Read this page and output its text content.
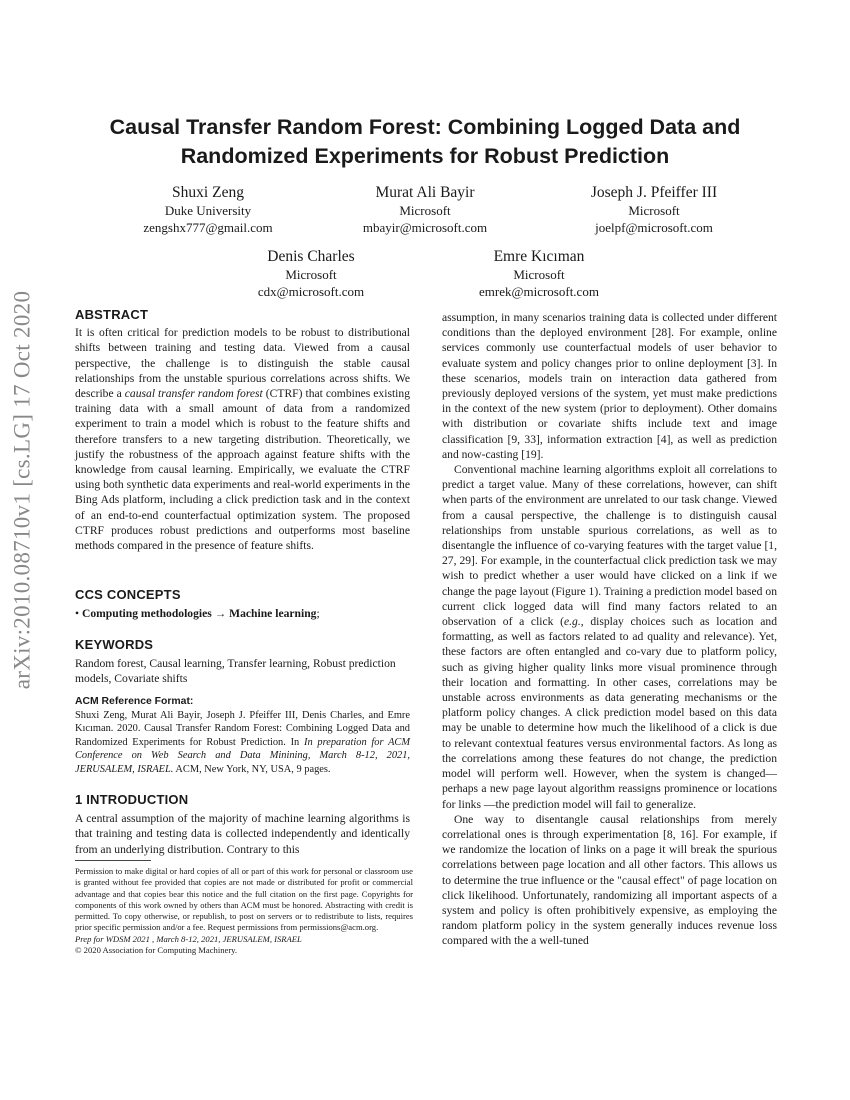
arXiv:2010.08710v1 [cs.LG] 17 Oct 2020
Causal Transfer Random Forest: Combining Logged Data and
Randomized Experiments for Robust Prediction
Shuxi Zeng
Duke University
zengshx777@gmail.com
Murat Ali Bayir
Microsoft
mbayir@microsoft.com
Joseph J. Pfeiffer III
Microsoft
joelpf@microsoft.com
Denis Charles
Microsoft
cdx@microsoft.com
Emre Kıcıman
Microsoft
emrek@microsoft.com
ABSTRACT

It is often critical for prediction models to be robust to distributional shifts between training and testing data. Viewed from a causal perspective, the challenge is to distinguish the stable causal relationships from the unstable spurious correlations across shifts. We describe a causal transfer random forest (CTRF) that combines existing training data with a small amount of data from a randomized experiment to train a model which is robust to the feature shifts and therefore transfers to a new targeting distribution. Theoretically, we justify the robustness of the approach against feature shifts with the knowledge from causal learning. Empirically, we evaluate the CTRF using both synthetic data experiments and real-world experiments in the Bing Ads platform, including a click prediction task and in the context of an end-to-end counterfactual optimization system. The proposed CTRF produces robust predictions and outperforms most baseline methods compared in the presence of feature shifts.

CCS CONCEPTS

• Computing methodologies → Machine learning;

KEYWORDS

Random forest, Causal learning, Transfer learning, Robust prediction models, Covariate shifts

ACM Reference Format:

Shuxi Zeng, Murat Ali Bayir, Joseph J. Pfeiffer III, Denis Charles, and Emre Kıcıman. 2020. Causal Transfer Random Forest: Combining Logged Data and Randomized Experiments for Robust Prediction. In In preparation for ACM Conference on Web Search and Data Minining, March 8-12, 2021, JERUSALEM, ISRAEL. ACM, New York, NY, USA, 9 pages.

1 INTRODUCTION

A central assumption of the majority of machine learning algorithms is that training and testing data is collected independently and identically from an underlying distribution. Contrary to this

Permission to make digital or hard copies of all or part of this work for personal or classroom use is granted without fee provided that copies are not made or distributed for profit or commercial advantage and that copies bear this notice and the full citation on the first page. Copyrights for components of this work owned by others than ACM must be honored. Abstracting with credit is permitted. To copy otherwise, or republish, to post on servers or to redistribute to lists, requires prior specific permission and/or a fee. Request permissions from permissions@acm.org.

Prep for WDSM 2021 , March 8-12, 2021, JERUSALEM, ISRAEL

© 2020 Association for Computing Machinery.

assumption, in many scenarios training data is collected under different conditions than the deployed environment [28]. For example, online services commonly use counterfactual models of user behavior to evaluate system and policy changes prior to online deployment [3]. In these scenarios, models train on interaction data gathered from previously deployed versions of the system, yet must make predictions in the context of the new system (prior to deployment). Other domains with distribution or covariate shifts include text and image classification [9, 33], information extraction [4], as well as prediction and now-casting [19].

Conventional machine learning algorithms exploit all correlations to predict a target value. Many of these correlations, however, can shift when parts of the environment are unrelated to our task change. Viewed from a causal perspective, the challenge is to distinguish causal relationships from unstable spurious correlations, as well as to disentangle the influence of co-varying features with the target value [1, 27, 29]. For example, in the counterfactual click prediction task we may wish to predict whether a user would have clicked on a link if we change the page layout (Figure 1). Training a prediction model based on current click logged data will find many factors related to an observation of a click (e.g., display choices such as location and formatting, as well as factors related to ad quality and relevance). Yet, these factors are often entangled and co-vary due to platform policy, such as giving higher quality links more visual prominence through their location and formatting. In other cases, correlations may be unstable across environments as data generating mechanisms or the platform policy changes. A click prediction model based on this data may be unable to determine how much the likelihood of a click is due to relevant contextual features versus environmental factors. As long as the correlations among these features do not change, the prediction model will perform well. However, when the system is changed—perhaps a new page layout algorithm reassigns prominence or locations for links —the prediction model will fail to generalize.

One way to disentangle causal relationships from merely correlational ones is through experimentation [8, 16]. For example, if we randomize the location of links on a page it will break the spurious correlations between page location and all other factors. This allows us to determine the true influence or the "causal effect" of page location on click likelihood. Unfortunately, randomizing all important aspects of a system and policy is often prohibitively expensive, as employing the random platform policy in the system generally induces revenue loss compared with the a well-tuned
